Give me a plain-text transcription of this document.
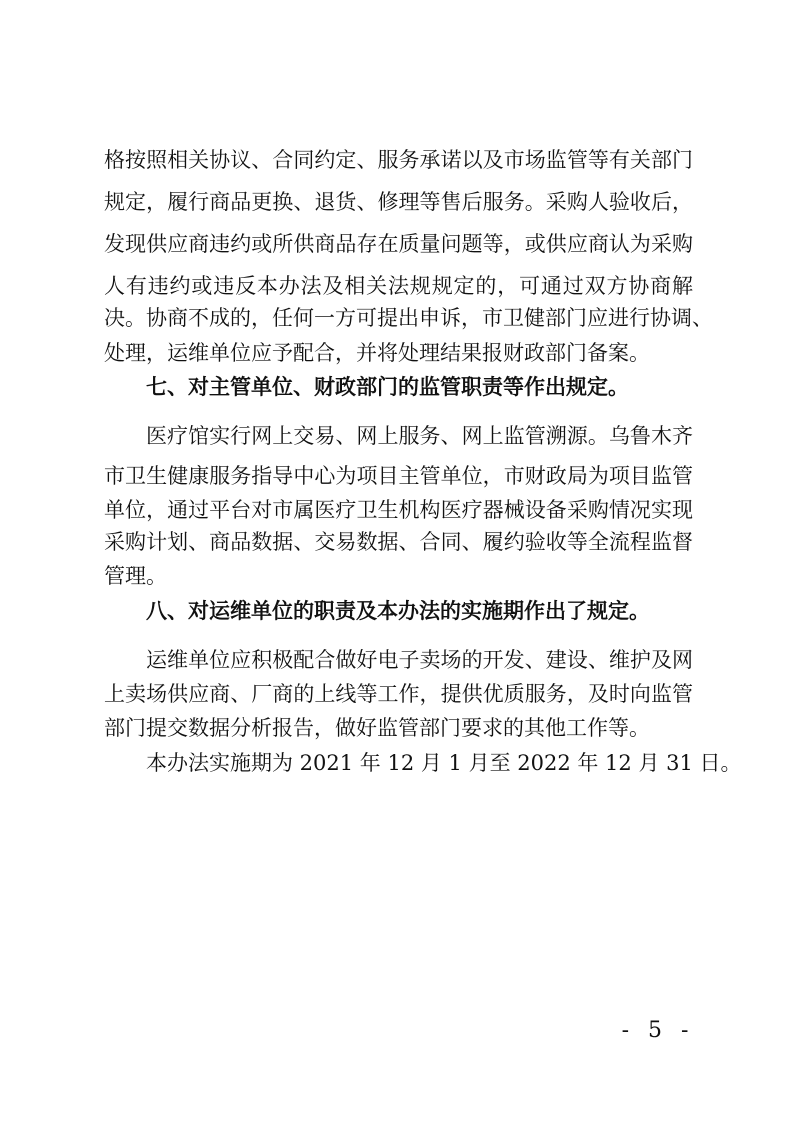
格按照相关协议、合同约定、服务承诺以及市场监管等有关部门
规定，履行商品更换、退货、修理等售后服务。采购人验收后，
发现供应商违约或所供商品存在质量问题等，或供应商认为采购
人有违约或违反本办法及相关法规规定的，可通过双方协商解
决。协商不成的，任何一方可提出申诉，市卫健部门应进行协调、
处理，运维单位应予配合，并将处理结果报财政部门备案。
七、对主管单位、财政部门的监管职责等作出规定。
医疗馆实行网上交易、网上服务、网上监管溯源。乌鲁木齐
市卫生健康服务指导中心为项目主管单位，市财政局为项目监管
单位，通过平台对市属医疗卫生机构医疗器械设备采购情况实现
采购计划、商品数据、交易数据、合同、履约验收等全流程监督
管理。
八、对运维单位的职责及本办法的实施期作出了规定。
运维单位应积极配合做好电子卖场的开发、建设、维护及网
上卖场供应商、厂商的上线等工作，提供优质服务，及时向监管
部门提交数据分析报告，做好监管部门要求的其他工作等。
本办法实施期为 2021 年 12 月 1 月至 2022 年 12 月 31 日。
- 5 -
